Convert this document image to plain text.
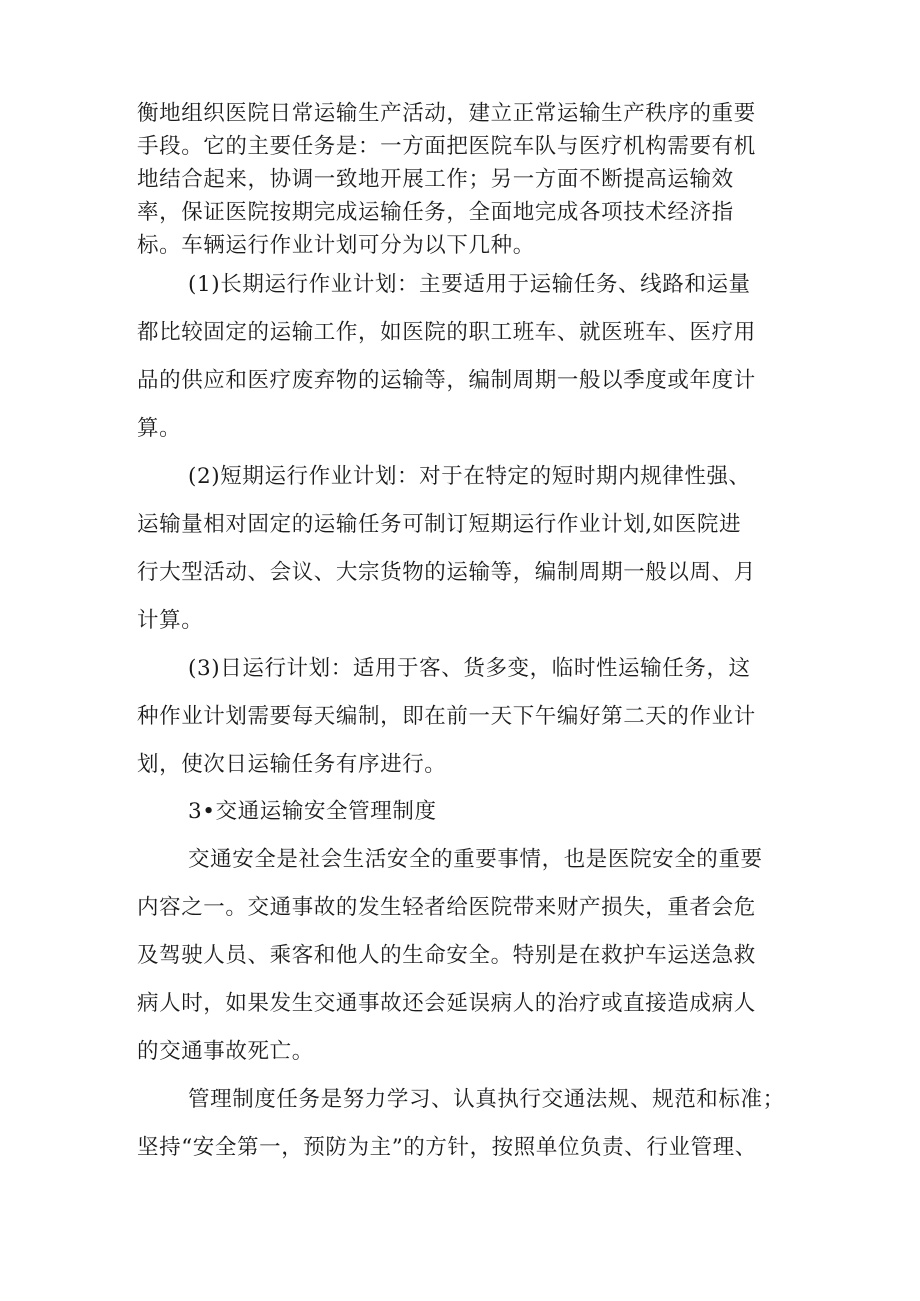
衡地组织医院日常运输生产活动，建立正常运输生产秩序的重要
手段。它的主要任务是：一方面把医院车队与医疗机构需要有机
地结合起来，协调一致地开展工作；另一方面不断提高运输效
率，保证医院按期完成运输任务，全面地完成各项技术经济指
标。车辆运行作业计划可分为以下几种。
(1)长期运行作业计划：主要适用于运输任务、线路和运量
都比较固定的运输工作，如医院的职工班车、就医班车、医疗用
品的供应和医疗废弃物的运输等，编制周期一般以季度或年度计
算。
(2)短期运行作业计划：对于在特定的短时期内规律性强、
运输量相对固定的运输任务可制订短期运行作业计划,如医院进
行大型活动、会议、大宗货物的运输等，编制周期一般以周、月
计算。
(3)日运行计划：适用于客、货多变，临时性运输任务，这
种作业计划需要每天编制，即在前一天下午编好第二天的作业计
划，使次日运输任务有序进行。
3•交通运输安全管理制度
交通安全是社会生活安全的重要事情，也是医院安全的重要
内容之一。交通事故的发生轻者给医院带来财产损失，重者会危
及驾驶人员、乘客和他人的生命安全。特别是在救护车运送急救
病人时，如果发生交通事故还会延误病人的治疗或直接造成病人
的交通事故死亡。
管理制度任务是努力学习、认真执行交通法规、规范和标准；
坚持“安全第一，预防为主”的方针，按照单位负责、行业管理、
